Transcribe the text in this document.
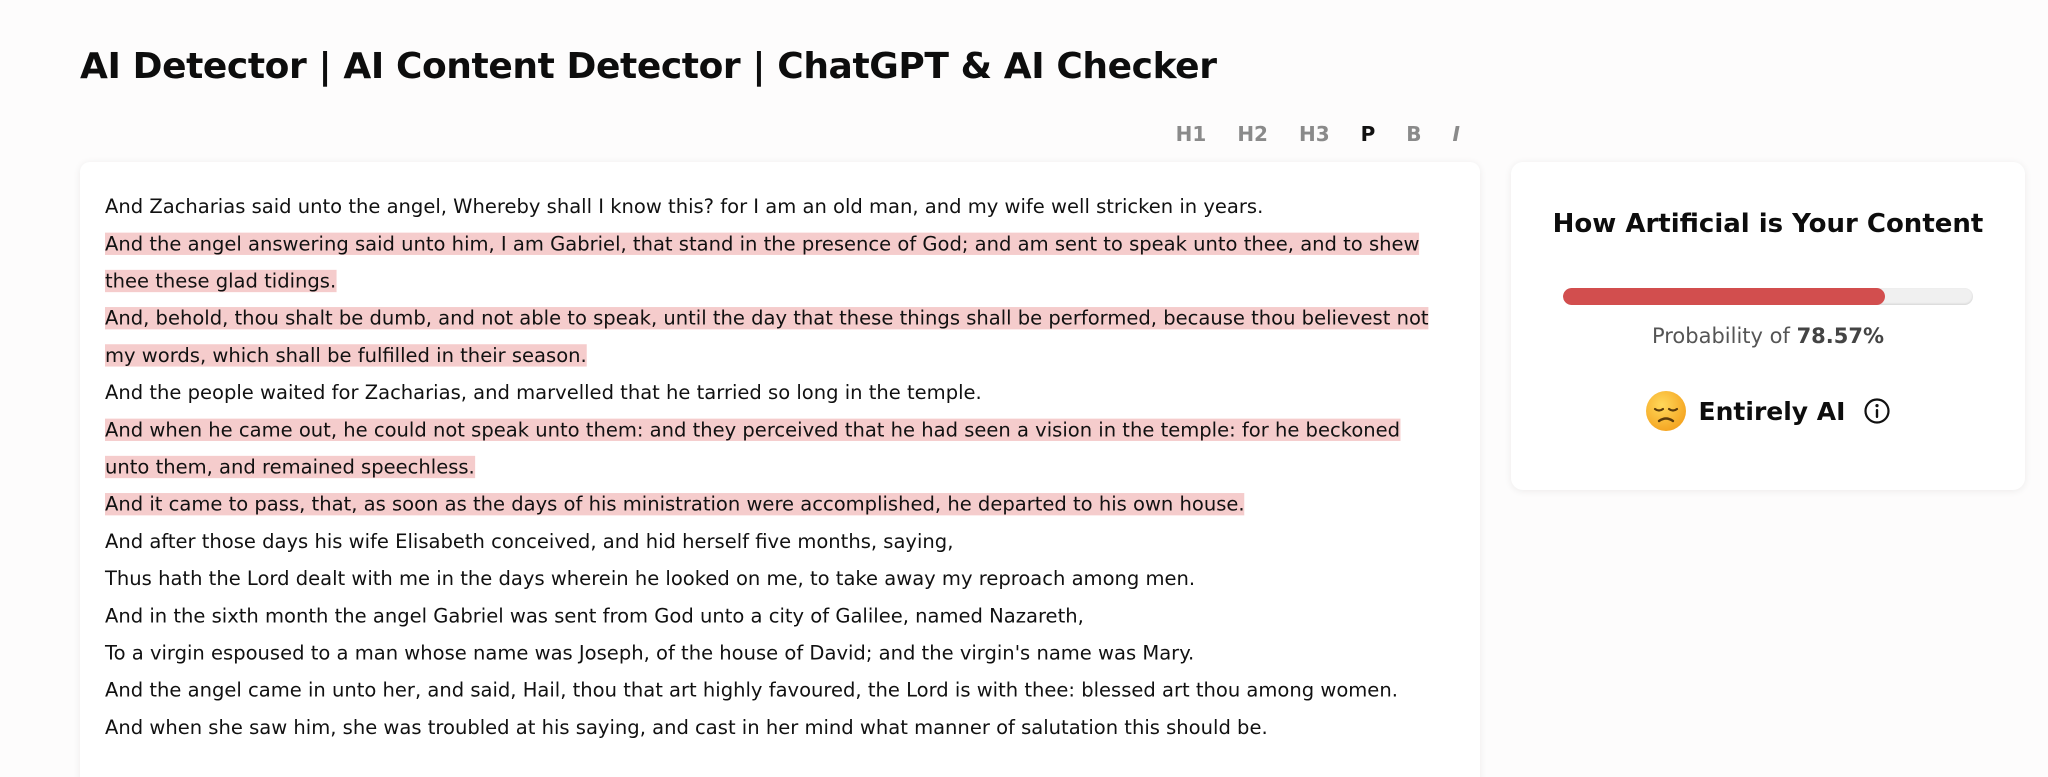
AI Detector | AI Content Detector | ChatGPT & AI Checker
H1 H2 H3 P B I
And Zacharias said unto the angel, Whereby shall I know this? for I am an old man, and my wife well stricken in years.
And the angel answering said unto him, I am Gabriel, that stand in the presence of God; and am sent to speak unto thee, and to shew thee these glad tidings.
And, behold, thou shalt be dumb, and not able to speak, until the day that these things shall be performed, because thou believest not my words, which shall be fulfilled in their season.
And the people waited for Zacharias, and marvelled that he tarried so long in the temple.
And when he came out, he could not speak unto them: and they perceived that he had seen a vision in the temple: for he beckoned unto them, and remained speechless.
And it came to pass, that, as soon as the days of his ministration were accomplished, he departed to his own house.
And after those days his wife Elisabeth conceived, and hid herself five months, saying,
Thus hath the Lord dealt with me in the days wherein he looked on me, to take away my reproach among men.
And in the sixth month the angel Gabriel was sent from God unto a city of Galilee, named Nazareth,
To a virgin espoused to a man whose name was Joseph, of the house of David; and the virgin's name was Mary.
And the angel came in unto her, and said, Hail, thou that art highly favoured, the Lord is with thee: blessed art thou among women.
And when she saw him, she was troubled at his saying, and cast in her mind what manner of salutation this should be.
How Artificial is Your Content
Probability of 78.57%
Entirely AI
